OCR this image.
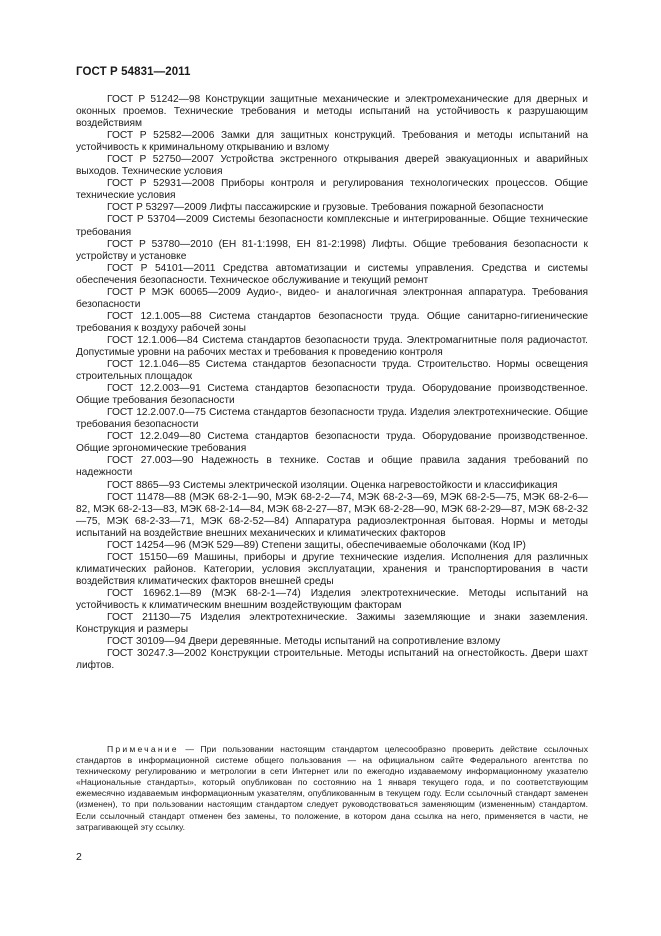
ГОСТ Р 54831—2011

ГОСТ Р 51242—98 Конструкции защитные механические и электромеханические для дверных и оконных проемов. Технические требования и методы испытаний на устойчивость к разрушающим воздействиям

ГОСТ Р 52582—2006 Замки для защитных конструкций. Требования и методы испытаний на устойчивость к криминальному открыванию и взлому

ГОСТ Р 52750—2007 Устройства экстренного открывания дверей эвакуационных и аварийных выходов. Технические условия

ГОСТ Р 52931—2008 Приборы контроля и регулирования технологических процессов. Общие технические условия

ГОСТ Р 53297—2009 Лифты пассажирские и грузовые. Требования пожарной безопасности

ГОСТ Р 53704—2009 Системы безопасности комплексные и интегрированные. Общие технические требования

ГОСТ Р 53780—2010 (ЕН 81-1:1998, ЕН 81-2:1998) Лифты. Общие требования безопасности к устройству и установке

ГОСТ Р 54101—2011 Средства автоматизации и системы управления. Средства и системы обеспечения безопасности. Техническое обслуживание и текущий ремонт

ГОСТ Р МЭК 60065—2009 Аудио-, видео- и аналогичная электронная аппаратура. Требования безопасности

ГОСТ 12.1.005—88 Система стандартов безопасности труда. Общие санитарно-гигиенические требования к воздуху рабочей зоны

ГОСТ 12.1.006—84 Система стандартов безопасности труда. Электромагнитные поля радиочастот. Допустимые уровни на рабочих местах и требования к проведению контроля

ГОСТ 12.1.046—85 Система стандартов безопасности труда. Строительство. Нормы освещения строительных площадок

ГОСТ 12.2.003—91 Система стандартов безопасности труда. Оборудование производственное. Общие требования безопасности

ГОСТ 12.2.007.0—75 Система стандартов безопасности труда. Изделия электротехнические. Общие требования безопасности

ГОСТ 12.2.049—80 Система стандартов безопасности труда. Оборудование производственное. Общие эргономические требования

ГОСТ 27.003—90 Надежность в технике. Состав и общие правила задания требований по надежности

ГОСТ 8865—93 Системы электрической изоляции. Оценка нагревостойкости и классификация

ГОСТ 11478—88 (МЭК 68-2-1—90, МЭК 68-2-2—74, МЭК 68-2-3—69, МЭК 68-2-5—75, МЭК 68-2-6—82, МЭК 68-2-13—83, МЭК 68-2-14—84, МЭК 68-2-27—87, МЭК 68-2-28—90, МЭК 68-2-29—87, МЭК 68-2-32—75, МЭК 68-2-33—71, МЭК 68-2-52—84) Аппаратура радиоэлектронная бытовая. Нормы и методы испытаний на воздействие внешних механических и климатических факторов

ГОСТ 14254—96 (МЭК 529—89) Степени защиты, обеспечиваемые оболочками (Код IP)

ГОСТ 15150—69 Машины, приборы и другие технические изделия. Исполнения для различных климатических районов. Категории, условия эксплуатации, хранения и транспортирования в части воздействия климатических факторов внешней среды

ГОСТ 16962.1—89 (МЭК 68-2-1—74) Изделия электротехнические. Методы испытаний на устойчивость к климатическим внешним воздействующим факторам

ГОСТ 21130—75 Изделия электротехнические. Зажимы заземляющие и знаки заземления. Конструкция и размеры

ГОСТ 30109—94 Двери деревянные. Методы испытаний на сопротивление взлому

ГОСТ 30247.3—2002 Конструкции строительные. Методы испытаний на огнестойкость. Двери шахт лифтов.

Примечание — При пользовании настоящим стандартом целесообразно проверить действие ссылочных стандартов в информационной системе общего пользования — на официальном сайте Федерального агентства по техническому регулированию и метрологии в сети Интернет или по ежегодно издаваемому информационному указателю «Национальные стандарты», который опубликован по состоянию на 1 января текущего года, и по соответствующим ежемесячно издаваемым информационным указателям, опубликованным в текущем году. Если ссылочный стандарт заменен (изменен), то при пользовании настоящим стандартом следует руководствоваться заменяющим (измененным) стандартом. Если ссылочный стандарт отменен без замены, то положение, в котором дана ссылка на него, применяется в части, не затрагивающей эту ссылку.

2
